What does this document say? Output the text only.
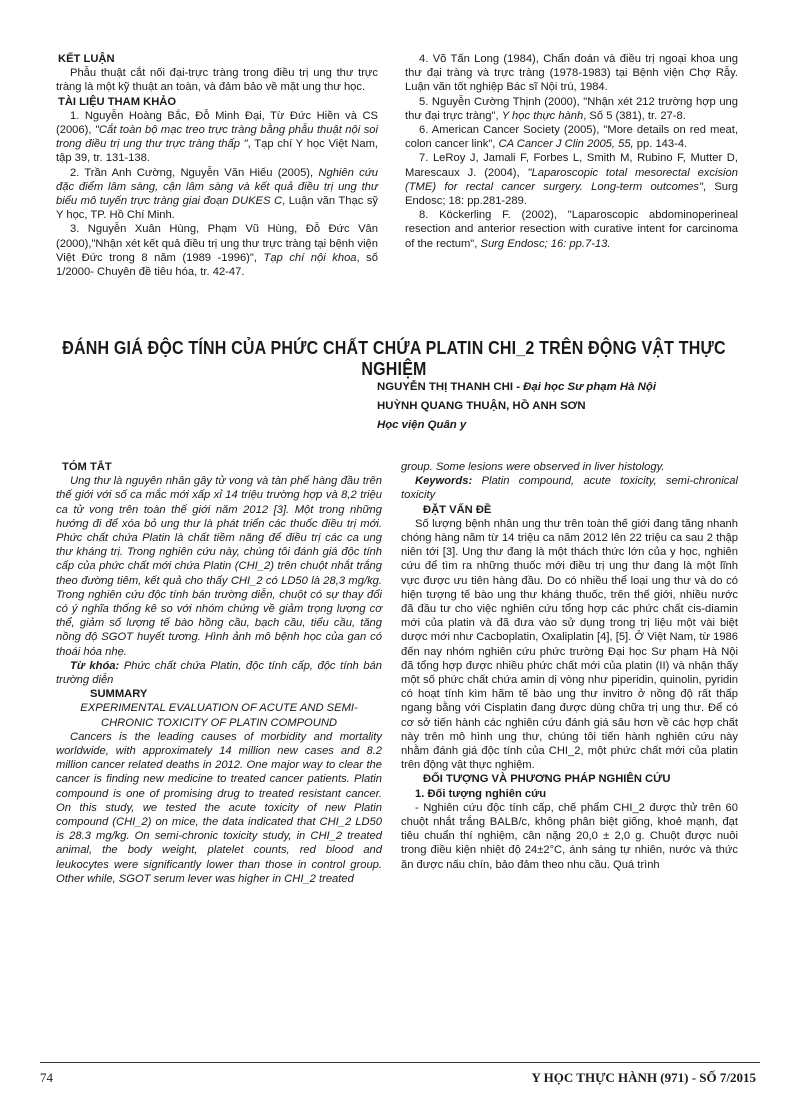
KẾT LUẬN

Phẫu thuật cắt nối đại-trực tràng trong điều trị ung thư trực tràng là một kỹ thuật an toàn, và đảm bảo về mặt ung thư học.

TÀI LIỆU THAM KHẢO

1. Nguyễn Hoàng Bắc, Đỗ Minh Đại, Từ Đức Hiền và CS (2006), "Cắt toàn bộ mạc treo trực tràng bằng phẫu thuật nội soi trong điều trị ung thư trực tràng thấp ", Tạp chí Y học Việt Nam, tập 39, tr. 131-138.

2. Trần Anh Cường, Nguyễn Văn Hiếu (2005), Nghiên cứu đặc điểm lâm sàng, cận lâm sàng và kết quả điều trị ung thư biểu mô tuyến trực tràng giai đoạn DUKES C, Luận văn Thạc sỹ Y học, TP. Hồ Chí Minh.

3. Nguyễn Xuân Hùng, Phạm Vũ Hùng, Đỗ Đức Vân (2000),"Nhận xét kết quả điều trị ung thư trực tràng tại bệnh viện Việt Đức trong 8 năm (1989 -1996)", Tạp chí nội khoa, số 1/2000- Chuyên đề tiêu hóa, tr. 42-47.

4. Võ Tấn Long (1984), Chẩn đoán và điều trị ngoại khoa ung thư đại tràng và trực tràng (1978-1983) tại Bệnh viện Chợ Rẫy. Luận văn tốt nghiệp Bác sĩ Nội trú, 1984.

5. Nguyễn Cường Thịnh (2000), "Nhận xét 212 trường hợp ung thư đại trực tràng", Y học thực hành, Số 5 (381), tr. 27-8.

6. American Cancer Society (2005), "More details on red meat, colon cancer link", CA Cancer J Clin 2005, 55, pp. 143-4.

7. LeRoy J, Jamali F, Forbes L, Smith M, Rubino F, Mutter D, Marescaux J. (2004), "Laparoscopic total mesorectal excision (TME) for rectal cancer surgery. Long-term outcomes", Surg Endosc; 18: pp.281-289.

8. Köckerling F. (2002), "Laparoscopic abdominoperineal resection and anterior resection with curative intent for carcinoma of the rectum", Surg Endosc; 16: pp.7-13.

ĐÁNH GIÁ ĐỘC TÍNH CỦA PHỨC CHẤT CHỨA PLATIN CHI_2 TRÊN ĐỘNG VẬT THỰC NGHIỆM
NGUYỄN THỊ THANH CHI - Đại học Sư phạm Hà Nội
HUỲNH QUANG THUẬN, HỒ ANH SƠN
Học viện Quân y

TÓM TẮT

Ung thư là nguyên nhân gây tử vong và tàn phế hàng đầu trên thế giới với số ca mắc mới xấp xỉ 14 triệu trường hợp và 8,2 triệu ca tử vong trên toàn thế giới năm 2012 [3]. Một trong những hướng đi để xóa bỏ ung thư là phát triển các thuốc điều trị mới. Phức chất chứa Platin là chất tiềm năng để điều trị các ca ung thư kháng trị. Trong nghiên cứu này, chúng tôi đánh giá độc tính cấp của phức chất mới chứa Platin (CHI_2) trên chuột nhắt trắng theo đường tiêm, kết quả cho thấy CHI_2 có LD50 là 28,3 mg/kg. Trong nghiên cứu độc tính bán trường diễn, chuột có sự thay đổi có ý nghĩa thống kê so với nhóm chứng về giảm trọng lượng cơ thể, giảm số lượng tế bào hồng cầu, bạch cầu, tiểu cầu, tăng nồng độ SGOT huyết tương. Hình ảnh mô bệnh học của gan có thoái hóa nhẹ.

Từ khóa: Phức chất chứa Platin, độc tính cấp, độc tính bán trường diễn

SUMMARY

EXPERIMENTAL EVALUATION OF ACUTE AND SEMI-CHRONIC TOXICITY OF PLATIN COMPOUND

Cancers is the leading causes of morbidity and mortality worldwide, with approximately 14 million new cases and 8.2 million cancer related deaths in 2012. One major way to clear the cancer is finding new medicine to treated cancer patients. Platin compound is one of promising drug to treated resistant cancer. On this study, we tested the acute toxicity of new Platin compound (CHI_2) on mice, the data indicated that CHI_2 LD50 is 28.3 mg/kg. On semi-chronic toxicity study, in CHI_2 treated animal, the body weight, platelet counts, red blood and leukocytes were significantly lower than those in control group. Other while, SGOT serum lever was higher in CHI_2 treated

group. Some lesions were observed in liver histology.

Keywords: Platin compound, acute toxicity, semi-chronical toxicity

ĐẶT VẤN ĐỀ

Số lượng bệnh nhân ung thư trên toàn thế giới đang tăng nhanh chóng hàng năm từ 14 triệu ca năm 2012 lên 22 triệu ca sau 2 thập niên tới [3]. Ung thư đang là một thách thức lớn của y học, nghiên cứu để tìm ra những thuốc mới điều trị ung thư đang là một lĩnh vực được ưu tiên hàng đầu. Do có nhiều thể loại ung thư và do có hiện tượng tế bào ung thư kháng thuốc, trên thế giới, nhiều nước đã đầu tư cho việc nghiên cứu tổng hợp các phức chất cis-diamin mới của platin và đã đưa vào sử dụng trong trị liệu một vài biệt dược mới như Cacboplatin, Oxaliplatin [4], [5]. Ở Việt Nam, từ 1986 đến nay nhóm nghiên cứu phức trường Đại học Sư phạm Hà Nội đã tổng hợp được nhiều phức chất mới của platin (II) và nhận thấy một số phức chất chứa amin dị vòng như piperidin, quinolin, pyridin có hoạt tính kìm hãm tế bào ung thư invitro ở nồng độ rất thấp ngang bằng với Cisplatin đang được dùng chữa trị ung thư. Để có cơ sở tiến hành các nghiên cứu đánh giá sâu hơn về các hợp chất này trên mô hình ung thư, chúng tôi tiến hành nghiên cứu này nhằm đánh giá độc tính của CHI_2, một phức chất mới của platin trên động vật thực nghiệm.

ĐỐI TƯỢNG VÀ PHƯƠNG PHÁP NGHIÊN CỨU

1. Đối tượng nghiên cứu

- Nghiên cứu độc tính cấp, chế phẩm CHI_2 được thử trên 60 chuột nhắt trắng BALB/c, không phân biệt giống, khoẻ mạnh, đạt tiêu chuẩn thí nghiệm, cân nặng 20,0 ± 2,0 g. Chuột được nuôi trong điều kiện nhiệt độ 24±2°C, ánh sáng tự nhiên, nước và thức ăn được nấu chín, bảo đảm theo nhu cầu. Quá trình

74	Y HỌC THỰC HÀNH (971) - SỐ 7/2015
